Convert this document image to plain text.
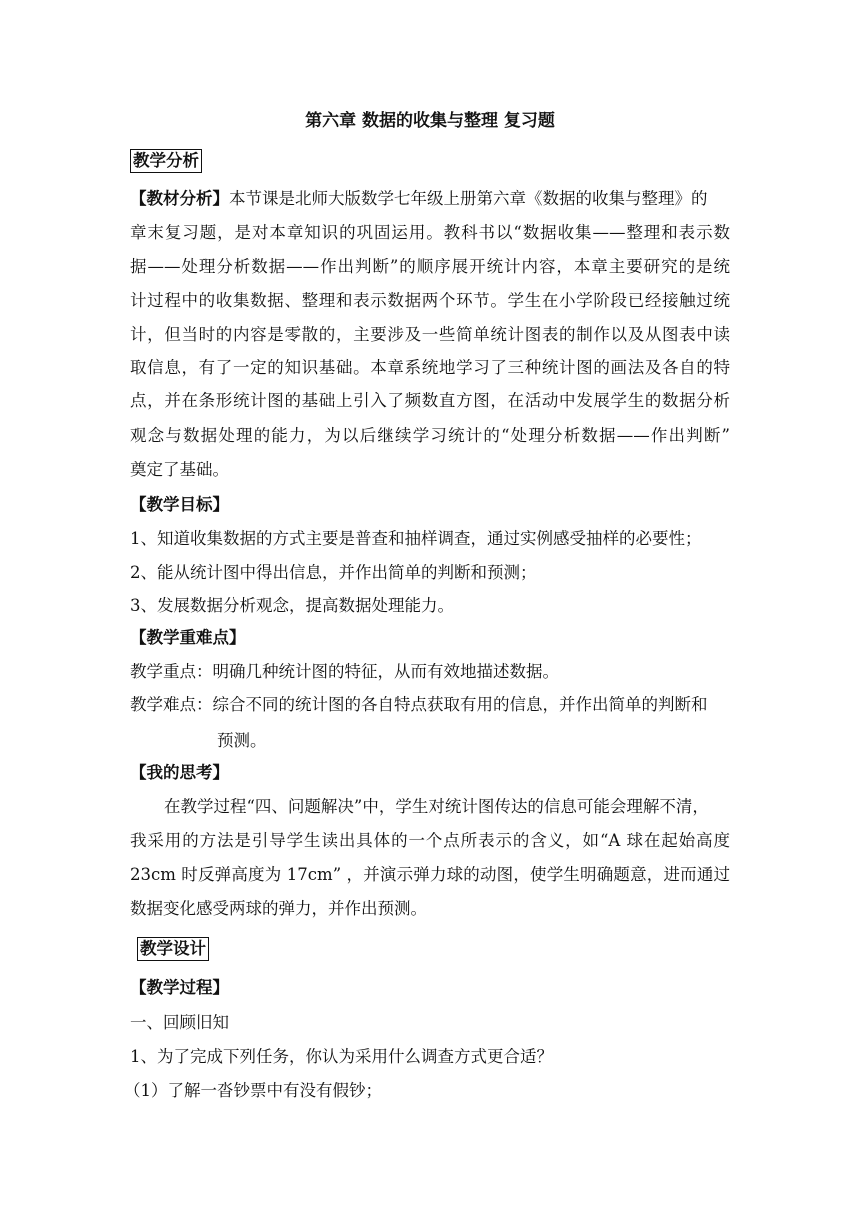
第六章 数据的收集与整理 复习题
教学分析
【教材分析】本节课是北师大版数学七年级上册第六章《数据的收集与整理》的
章末复习题，是对本章知识的巩固运用。教科书以“数据收集——整理和表示数
据——处理分析数据——作出判断”的顺序展开统计内容，本章主要研究的是统
计过程中的收集数据、整理和表示数据两个环节。学生在小学阶段已经接触过统
计，但当时的内容是零散的，主要涉及一些简单统计图表的制作以及从图表中读
取信息，有了一定的知识基础。本章系统地学习了三种统计图的画法及各自的特
点，并在条形统计图的基础上引入了频数直方图，在活动中发展学生的数据分析
观念与数据处理的能力，为以后继续学习统计的“处理分析数据——作出判断”
奠定了基础。
【教学目标】
1、知道收集数据的方式主要是普查和抽样调查，通过实例感受抽样的必要性；
2、能从统计图中得出信息，并作出简单的判断和预测；
3、发展数据分析观念，提高数据处理能力。
【教学重难点】
教学重点：明确几种统计图的特征，从而有效地描述数据。
教学难点：综合不同的统计图的各自特点获取有用的信息，并作出简单的判断和
预测。
【我的思考】
在教学过程“四、问题解决”中，学生对统计图传达的信息可能会理解不清，
我采用的方法是引导学生读出具体的一个点所表示的含义，如“A 球在起始高度
23cm 时反弹高度为 17cm” ，并演示弹力球的动图，使学生明确题意，进而通过
数据变化感受两球的弹力，并作出预测。
教学设计
【教学过程】
一、回顾旧知
1、为了完成下列任务，你认为采用什么调查方式更合适？
（1）了解一沓钞票中有没有假钞；
